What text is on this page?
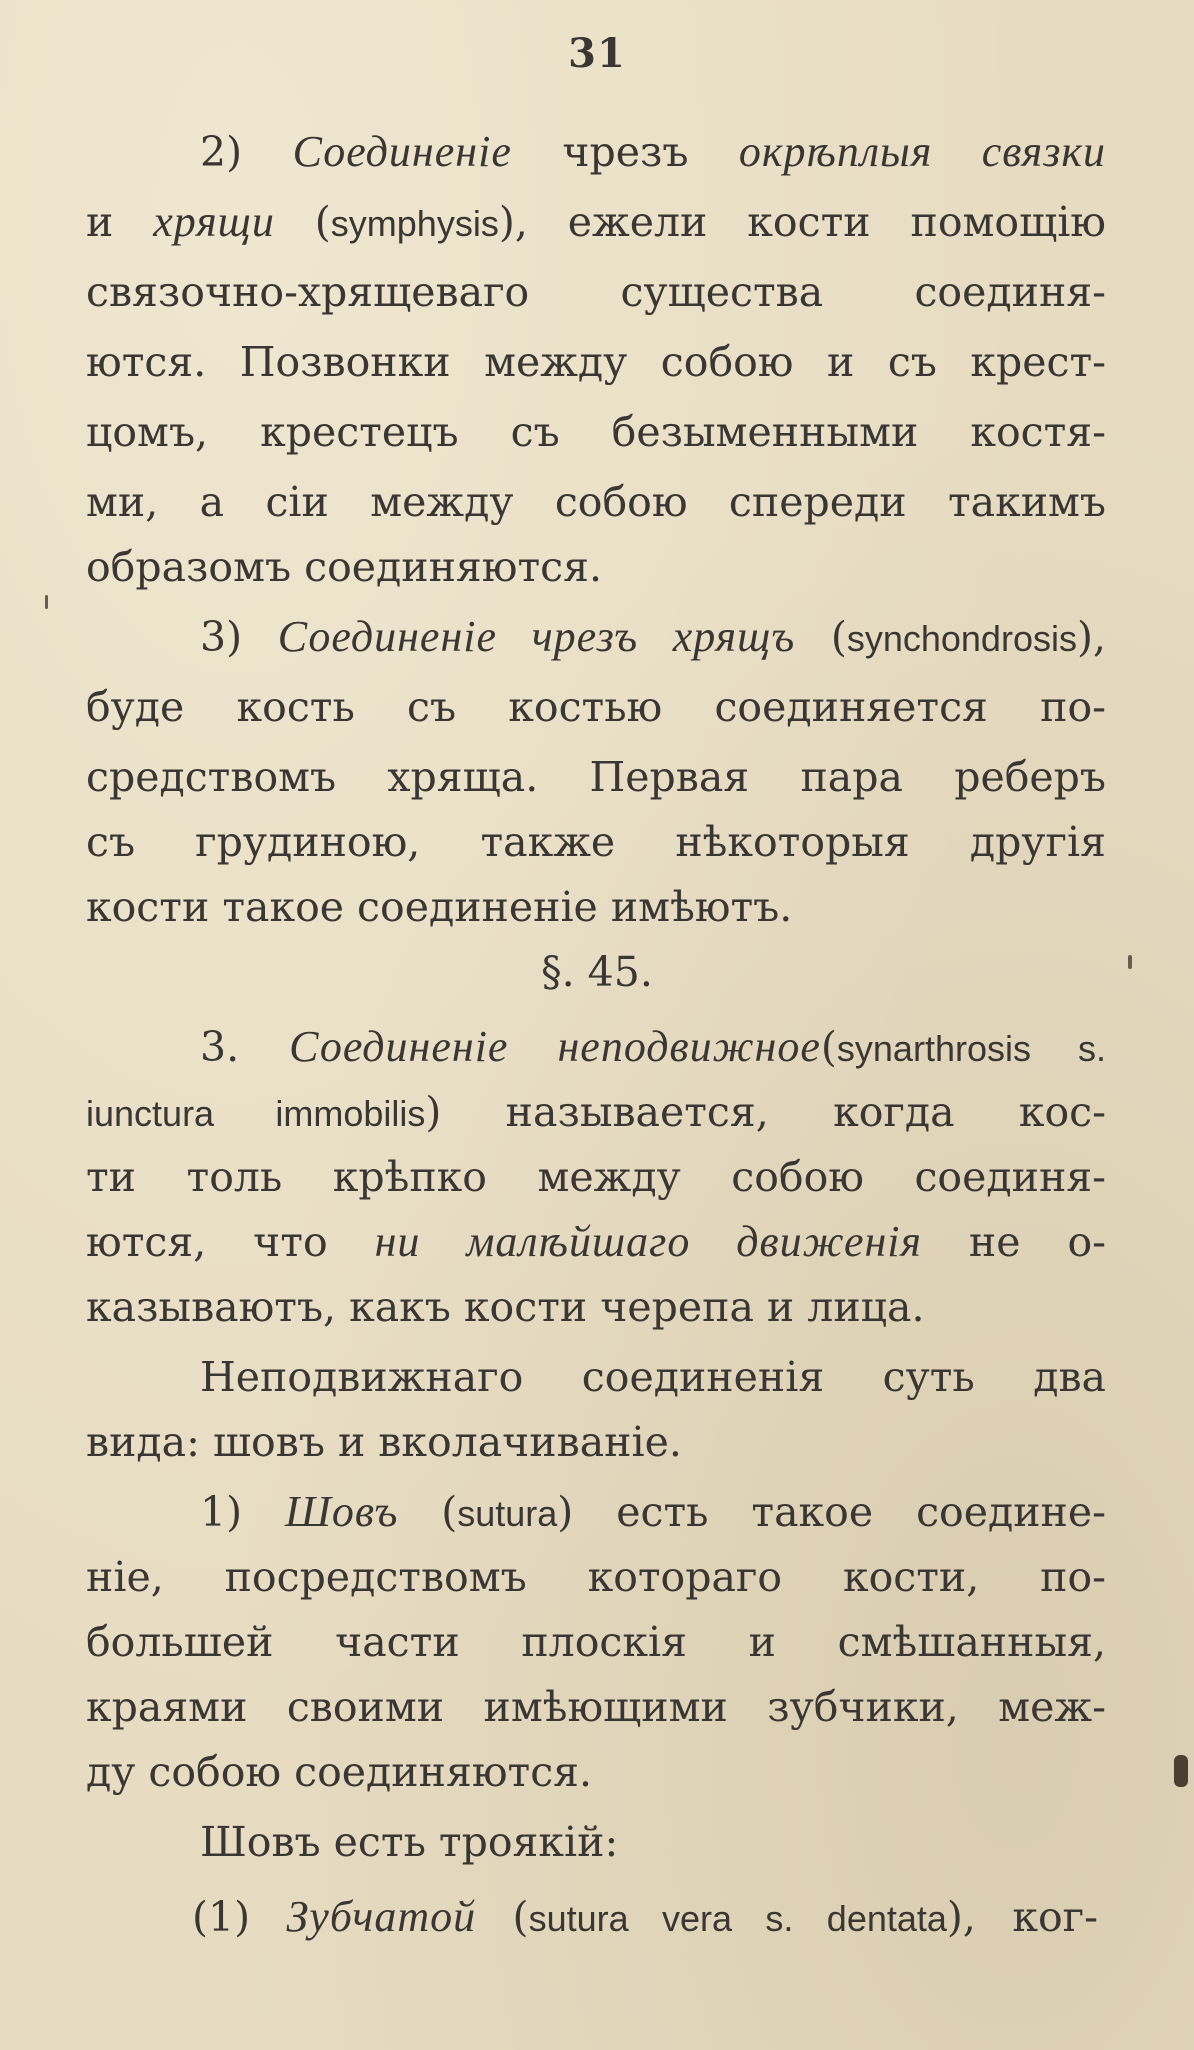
31
2) Соединенiе чрезъ окрѣплыя связки
и хрящи (symphysis), ежели кости помощiю
связочно-хрящеваго существа соединя-
ются. Позвонки между собою и съ крест-
цомъ, крестецъ съ безыменными костя-
ми, а сiи между собою спереди такимъ
образомъ соединяются.
3) Соединенiе чрезъ хрящъ (synchondrosis),
буде кость съ костью соединяется по-
средствомъ хряща. Первая пара реберъ
съ грудиною, также нѣкоторыя другiя
кости такое соединенiе имѣютъ.
§. 45.
3. Соединенiе неподвижное(synarthrosis s.
iunctura immobilis) называется, когда кос-
ти толь крѣпко между собою соединя-
ются, что ни малѣйшаго движенiя не о-
казываютъ, какъ кости черепа и лица.
Неподвижнаго соединенiя суть два
вида: шовъ и вколачиванiе.
1) Шовъ (sutura) есть такое соедине-
нiе, посредствомъ котораго кости, по-
большей части плоскiя и смѣшанныя,
краями своими имѣющими зубчики, меж-
ду собою соединяются.
Шовъ есть троякiй:
(1) Зубчатой (sutura vera s. dentata), ког-
